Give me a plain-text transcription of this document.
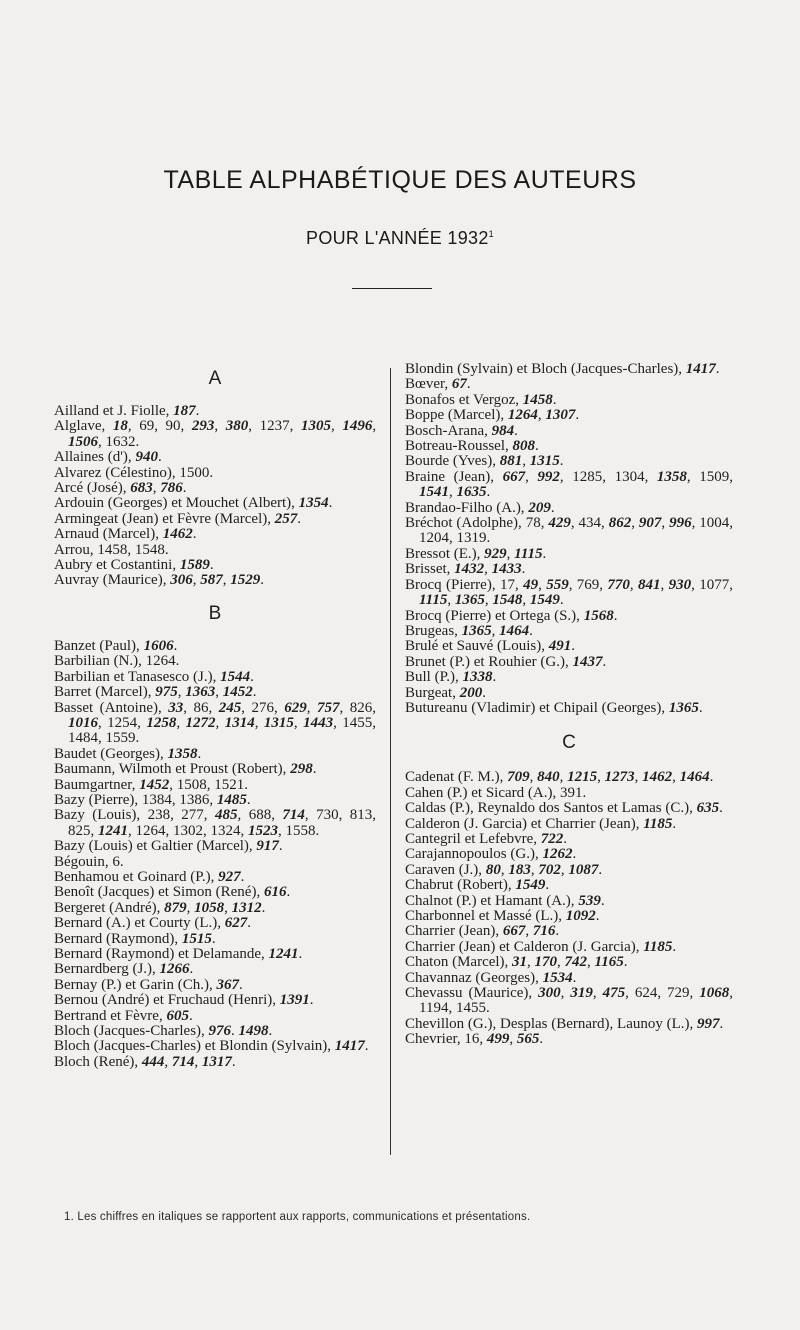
TABLE ALPHABÉTIQUE DES AUTEURS
POUR L'ANNÉE 1932$^1$
A
Ailland et J. Fiolle, 187.
Alglave, 18, 69, 90, 293, 380, 1237, 1305, 1496, 1506, 1632.
Allaines (d'), 940.
Alvarez (Célestino), 1500.
Arcé (José), 683, 786.
Ardouin (Georges) et Mouchet (Albert), 1354.
Armingeat (Jean) et Fèvre (Marcel), 257.
Arnaud (Marcel), 1462.
Arrou, 1458, 1548.
Aubry et Costantini, 1589.
Auvray (Maurice), 306, 587, 1529.
B
Banzet (Paul), 1606.
Barbilian (N.), 1264.
Barbilian et Tanasesco (J.), 1544.
Barret (Marcel), 975, 1363, 1452.
Basset (Antoine), 33, 86, 245, 276, 629, 757, 826, 1016, 1254, 1258, 1272, 1314, 1315, 1443, 1455, 1484, 1559.
Baudet (Georges), 1358.
Baumann, Wilmoth et Proust (Robert), 298.
Baumgartner, 1452, 1508, 1521.
Bazy (Pierre), 1384, 1386, 1485.
Bazy (Louis), 238, 277, 485, 688, 714, 730, 813, 825, 1241, 1264, 1302, 1324, 1523, 1558.
Bazy (Louis) et Galtier (Marcel), 917.
Bégouin, 6.
Benhamou et Goinard (P.), 927.
Benoît (Jacques) et Simon (René), 616.
Bergeret (André), 879, 1058, 1312.
Bernard (A.) et Courty (L.), 627.
Bernard (Raymond), 1515.
Bernard (Raymond) et Delamande, 1241.
Bernardberg (J.), 1266.
Bernay (P.) et Garin (Ch.), 367.
Bernou (André) et Fruchaud (Henri), 1391.
Bertrand et Fèvre, 605.
Bloch (Jacques-Charles), 976. 1498.
Bloch (Jacques-Charles) et Blondin (Sylvain), 1417.
Bloch (René), 444, 714, 1317.
Blondin (Sylvain) et Bloch (Jacques-Charles), 1417.
Bœver, 67.
Bonafos et Vergoz, 1458.
Boppe (Marcel), 1264, 1307.
Bosch-Arana, 984.
Botreau-Roussel, 808.
Bourde (Yves), 881, 1315.
Braine (Jean), 667, 992, 1285, 1304, 1358, 1509, 1541, 1635.
Brandao-Filho (A.), 209.
Bréchot (Adolphe), 78, 429, 434, 862, 907, 996, 1004, 1204, 1319.
Bressot (E.), 929, 1115.
Brisset, 1432, 1433.
Brocq (Pierre), 17, 49, 559, 769, 770, 841, 930, 1077, 1115, 1365, 1548, 1549.
Brocq (Pierre) et Ortega (S.), 1568.
Brugeas, 1365, 1464.
Brulé et Sauvé (Louis), 491.
Brunet (P.) et Rouhier (G.), 1437.
Bull (P.), 1338.
Burgeat, 200.
Butureanu (Vladimir) et Chipail (Georges), 1365.
C
Cadenat (F. M.), 709, 840, 1215, 1273, 1462, 1464.
Cahen (P.) et Sicard (A.), 391.
Caldas (P.), Reynaldo dos Santos et Lamas (C.), 635.
Calderon (J. Garcia) et Charrier (Jean), 1185.
Cantegril et Lefebvre, 722.
Carajannopoulos (G.), 1262.
Caraven (J.), 80, 183, 702, 1087.
Chabrut (Robert), 1549.
Chalnot (P.) et Hamant (A.), 539.
Charbonnel et Massé (L.), 1092.
Charrier (Jean), 667, 716.
Charrier (Jean) et Calderon (J. Garcia), 1185.
Chaton (Marcel), 31, 170, 742, 1165.
Chavannaz (Georges), 1534.
Chevassu (Maurice), 300, 319, 475, 624, 729, 1068, 1194, 1455.
Chevillon (G.), Desplas (Bernard), Launoy (L.), 997.
Chevrier, 16, 499, 565.

1. Les chiffres en italiques se rapportent aux rapports, communications et présentations.
